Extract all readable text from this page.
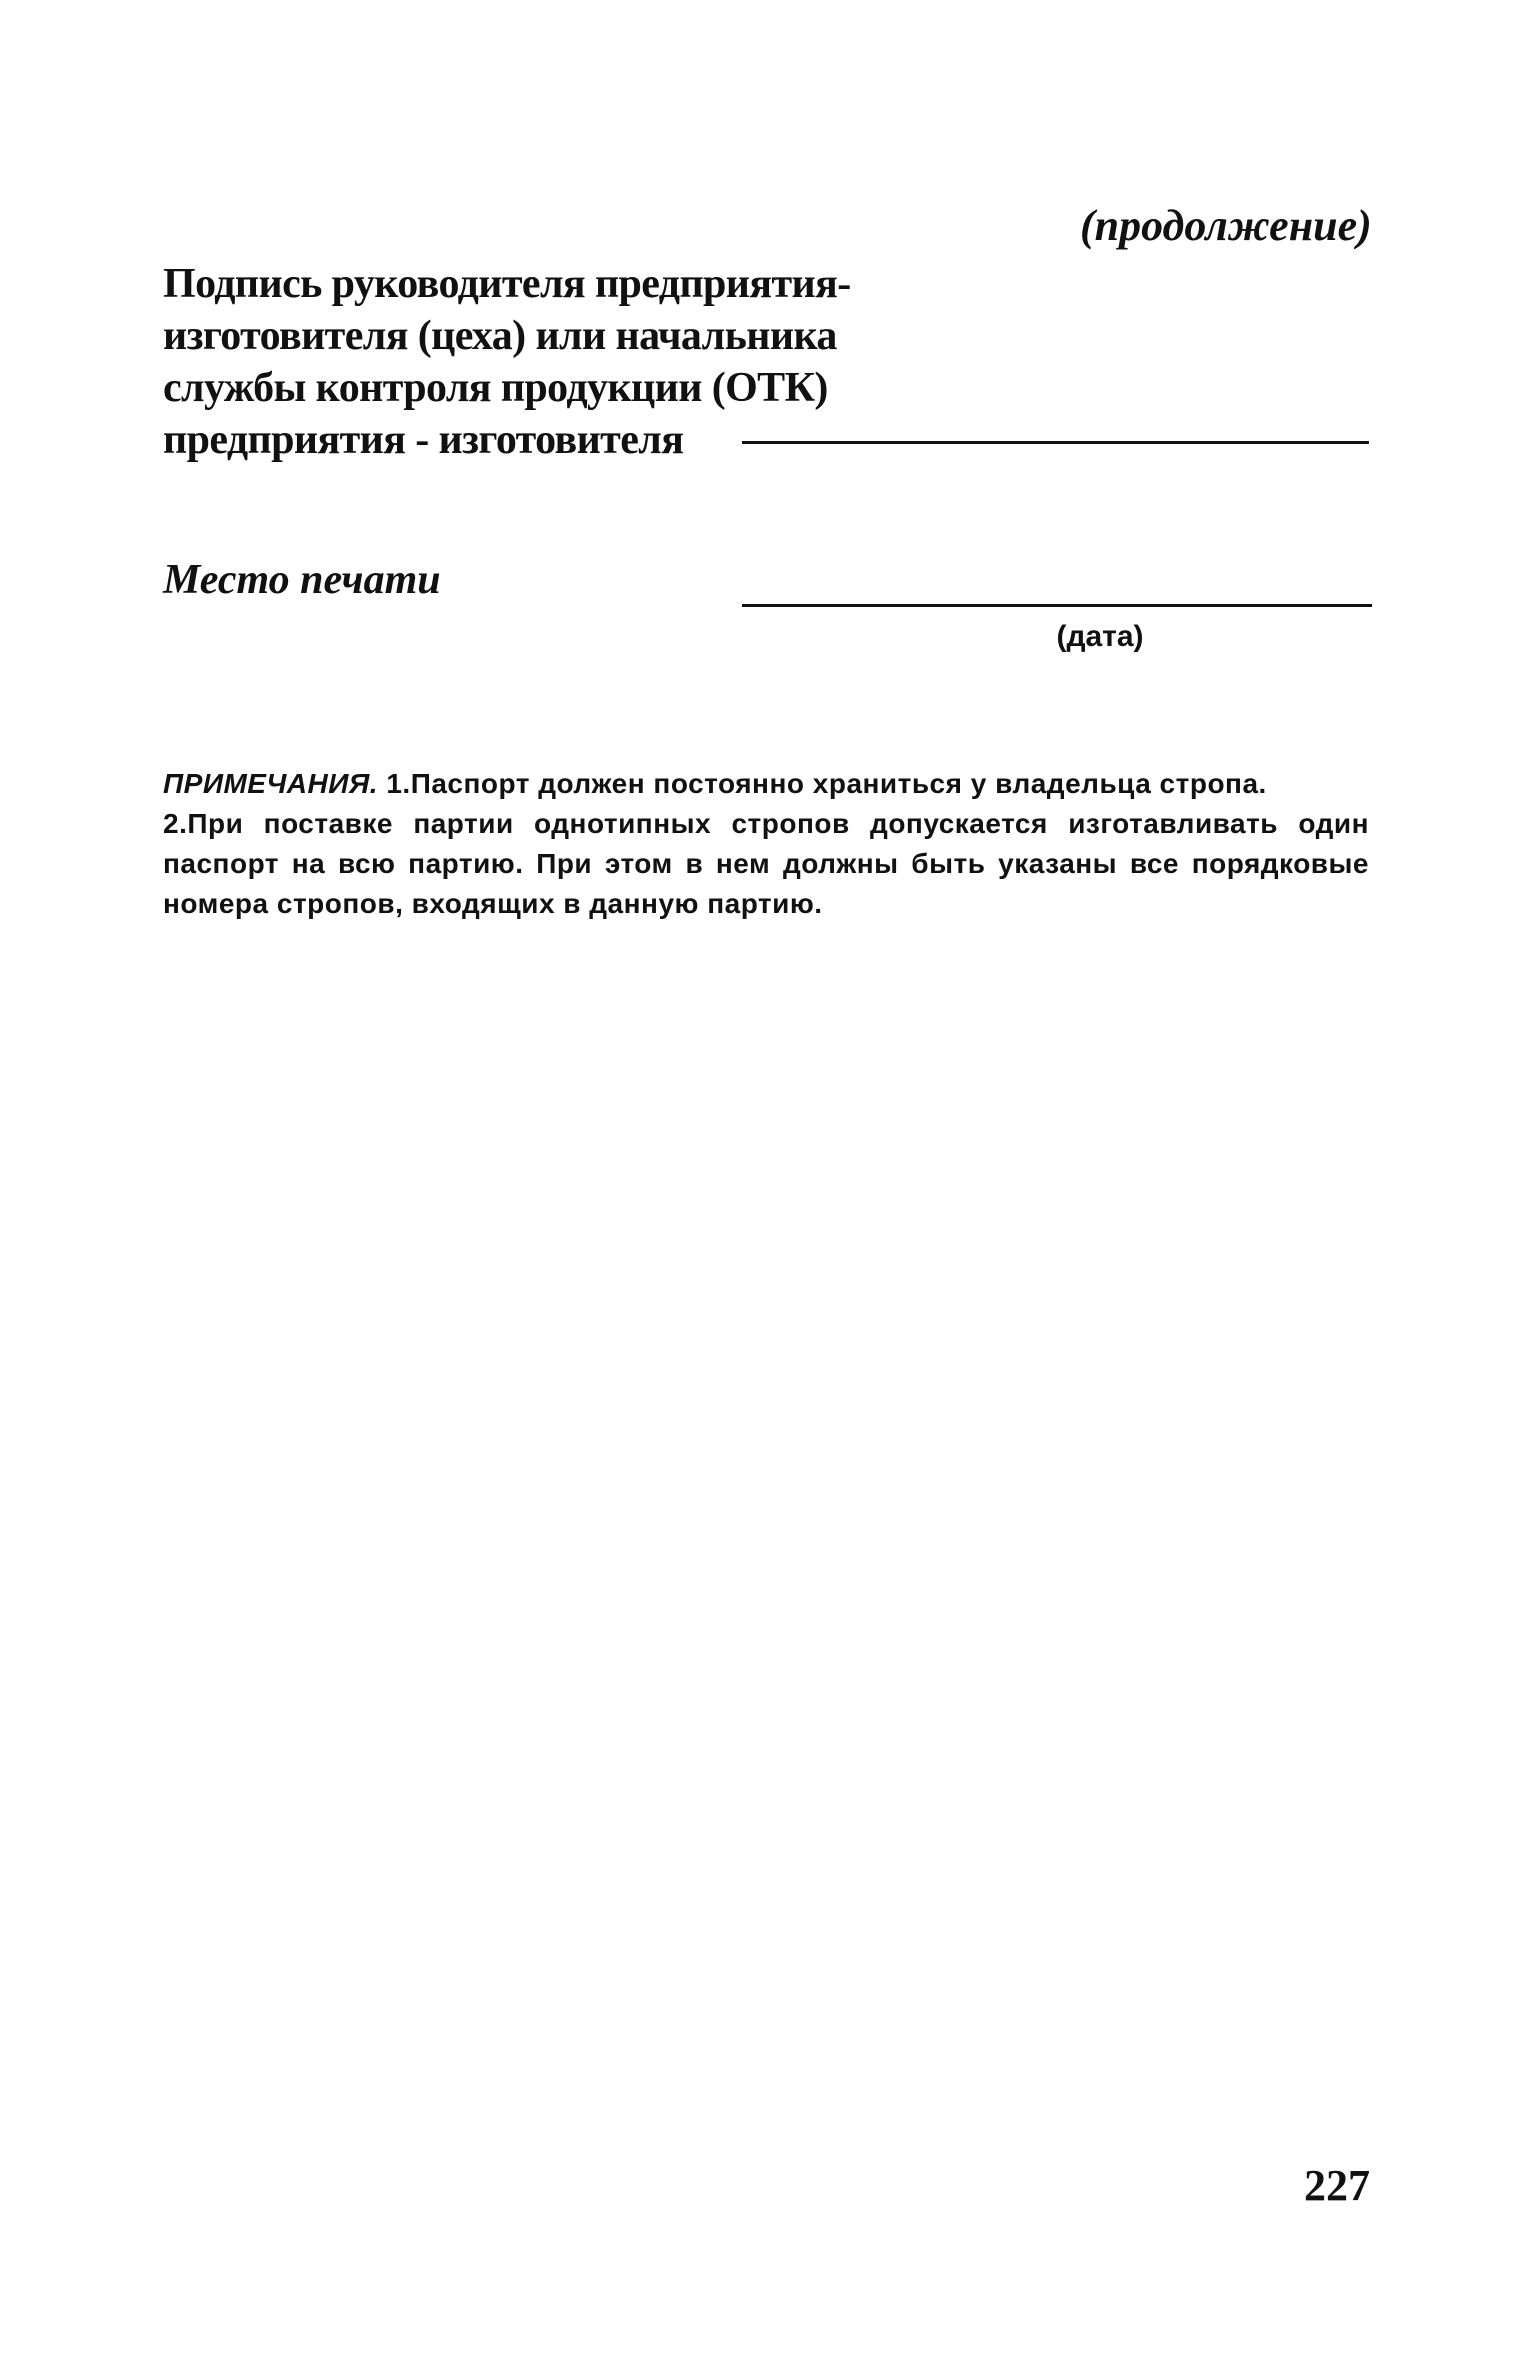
(продолжение)
Подпись руководителя предприятия-
изготовителя (цеха) или начальника
службы контроля продукции (ОТК)
предприятия - изготовителя
Место печати
(дата)
ПРИМЕЧАНИЯ. 1.Паспорт должен постоянно храниться у владельца стропа.
2.При поставке партии однотипных стропов допускается изготавливать один
паспорт на всю партию. При этом в нем должны быть указаны все порядковые
номера стропов, входящих в данную партию.
227
